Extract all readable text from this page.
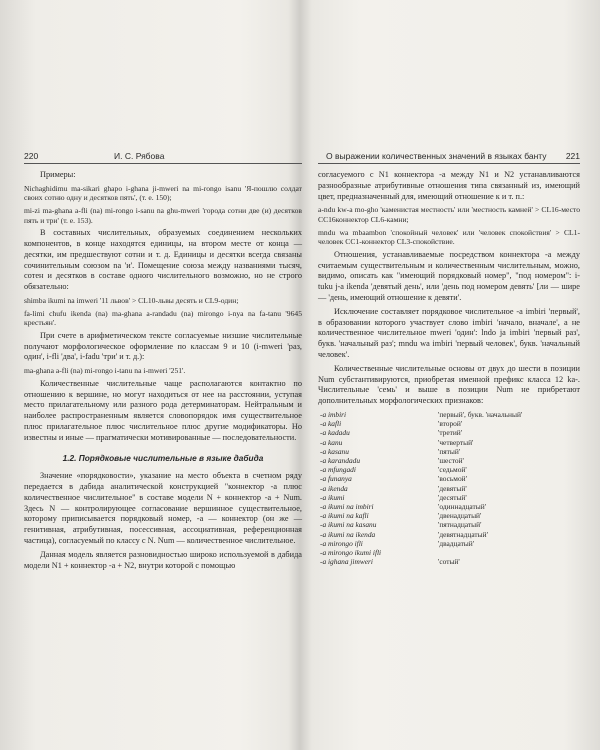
220	И. С. Рябова

Примеры:

Nichaghidimu ma-sikari ghapo i-ghana ji-mweri na mi-rongo isanu 'Я-пошлю солдат своих сотню одну и десятков пять', (т. е. 150);

mi-zi ma-ghana a-fli (na) mi-rongo i-sanu na ghu-mweri 'города сотни две (и) десятков пять и три' (т. е. 153).

В составных числительных, образуемых соединением нескольких компонентов, в конце находятся единицы, на втором месте от конца — десятки, им предшествуют сотни и т. д. Единицы и десятки всегда связаны сочинительным союзом na 'и'. Помещение союза между названиями тысяч, сотен и десятков в составе одного числительного возможно, но не строго обязательно:

shimba ikumi na imweri '11 львов' > CL10-львы десять и CL9-один;

fa-limi chufu ikenda (na) ma-ghana a-randadu (na) mirongo i-nya na fa-tanu '9645 крестьян'.

При счете в арифметическом тексте согласуемые низшие числительные получают морфологическое оформление по классам 9 и 10 (i-mweri 'раз, один', i-fli 'два', i-fadu 'три' и т. д.):

ma-ghana a-fli (na) mi-rongo i-tanu na i-mweri '251'.

Количественные числительные чаще располагаются контактно по отношению к вершине, но могут находиться от нее на расстоянии, уступая место прилагательному или разного рода детерминаторам. Нейтральным и наиболее распространенным является словопорядок имя существительное плюс прилагательное плюс числительное плюс другие модификаторы. Но известны и иные — прагматически мотивированные — последовательности.

1.2. Порядковые числительные в языке дабида

Значение «порядковости», указание на место объекта в счетном ряду передается в дабида аналитической конструкцией "коннектор -a плюс количественное числительное" в составе модели N + коннектор -a + Num. Здесь N — контролирующее согласование вершинное существительное, которому приписывается порядковый номер, -a — коннектор (он же — генитивная, атрибутивная, посессивная, ассоциативная, референционная частица), согласуемый по классу с N. Num — количественное числительное.

Данная модель является разновидностью широко используемой в дабида модели N1 + коннектор -a + N2, внутри которой с помощью

О выражении количественных значений в языках банту 221

согласуемого с N1 коннектора -a между N1 и N2 устанавливаются разнообразные атрибутивные отношения типа связанный из, имеющий цвет, предназначенный для, имеющий отношение к и т. п.:

a-ndu kw-a mo-gho 'каменистая местность' или 'местность камней' > CL16-место CC16коннектор CL6-камни;

mndu wa mbaambon 'спокойный человек' или 'человек спокойствия' > CL1-человек CC1-коннектор CL3-спокойствие.

Отношения, устанавливаемые посредством коннектора -a между считаемым существительным и количественным числительным, можно, видимо, описать как "имеющий порядковый номер", "под номером": i-tuku j-a ikenda 'девятый день', или 'день под номером девять' [ли — шире — 'день, имеющий отношение к девяти'.

Исключение составляет порядковое числительное -a imbiri 'первый', в образовании которого участвует слово imbiri 'начало, вначале', а не количественное числительное mweri 'один': lndo ja imbiri 'первый раз', букв. 'начальный раз'; mndu wa imbiri 'первый человек', букв. 'начальный человек'.

Количественные числительные основы от двух до шести в позиции Num субстантивируются, приобретая именной префикс класса 12 ka-. Числительные 'семь' и выше в позиции Num не прибретают дополнительных морфологических признаков:

-a imbiri	'первый', букв. 'начальный'
-a kafli	'второй'
-a kadadu	'третий'
-a kanu	'четвертый'
-a kasanu	'пятый'
-a karandadu	'шестой'
-a mfungadi	'седьмой'
-a funanya	'восьмой'
-a ikenda	'девятый'
-a ikumi	'десятый'
-a ikumi na imbiri	'одиннадцатый'
-a ikumi na kafli	'двенадцатый'
-a ikumi na kasanu	'пятнадцатый'
-a ikumi na ikenda	'девятнадцатый'
-a mirongo ifli	'двадцатый'
-a mirongo ikumi ifli	
-a ighana jimweri	'сотый'
